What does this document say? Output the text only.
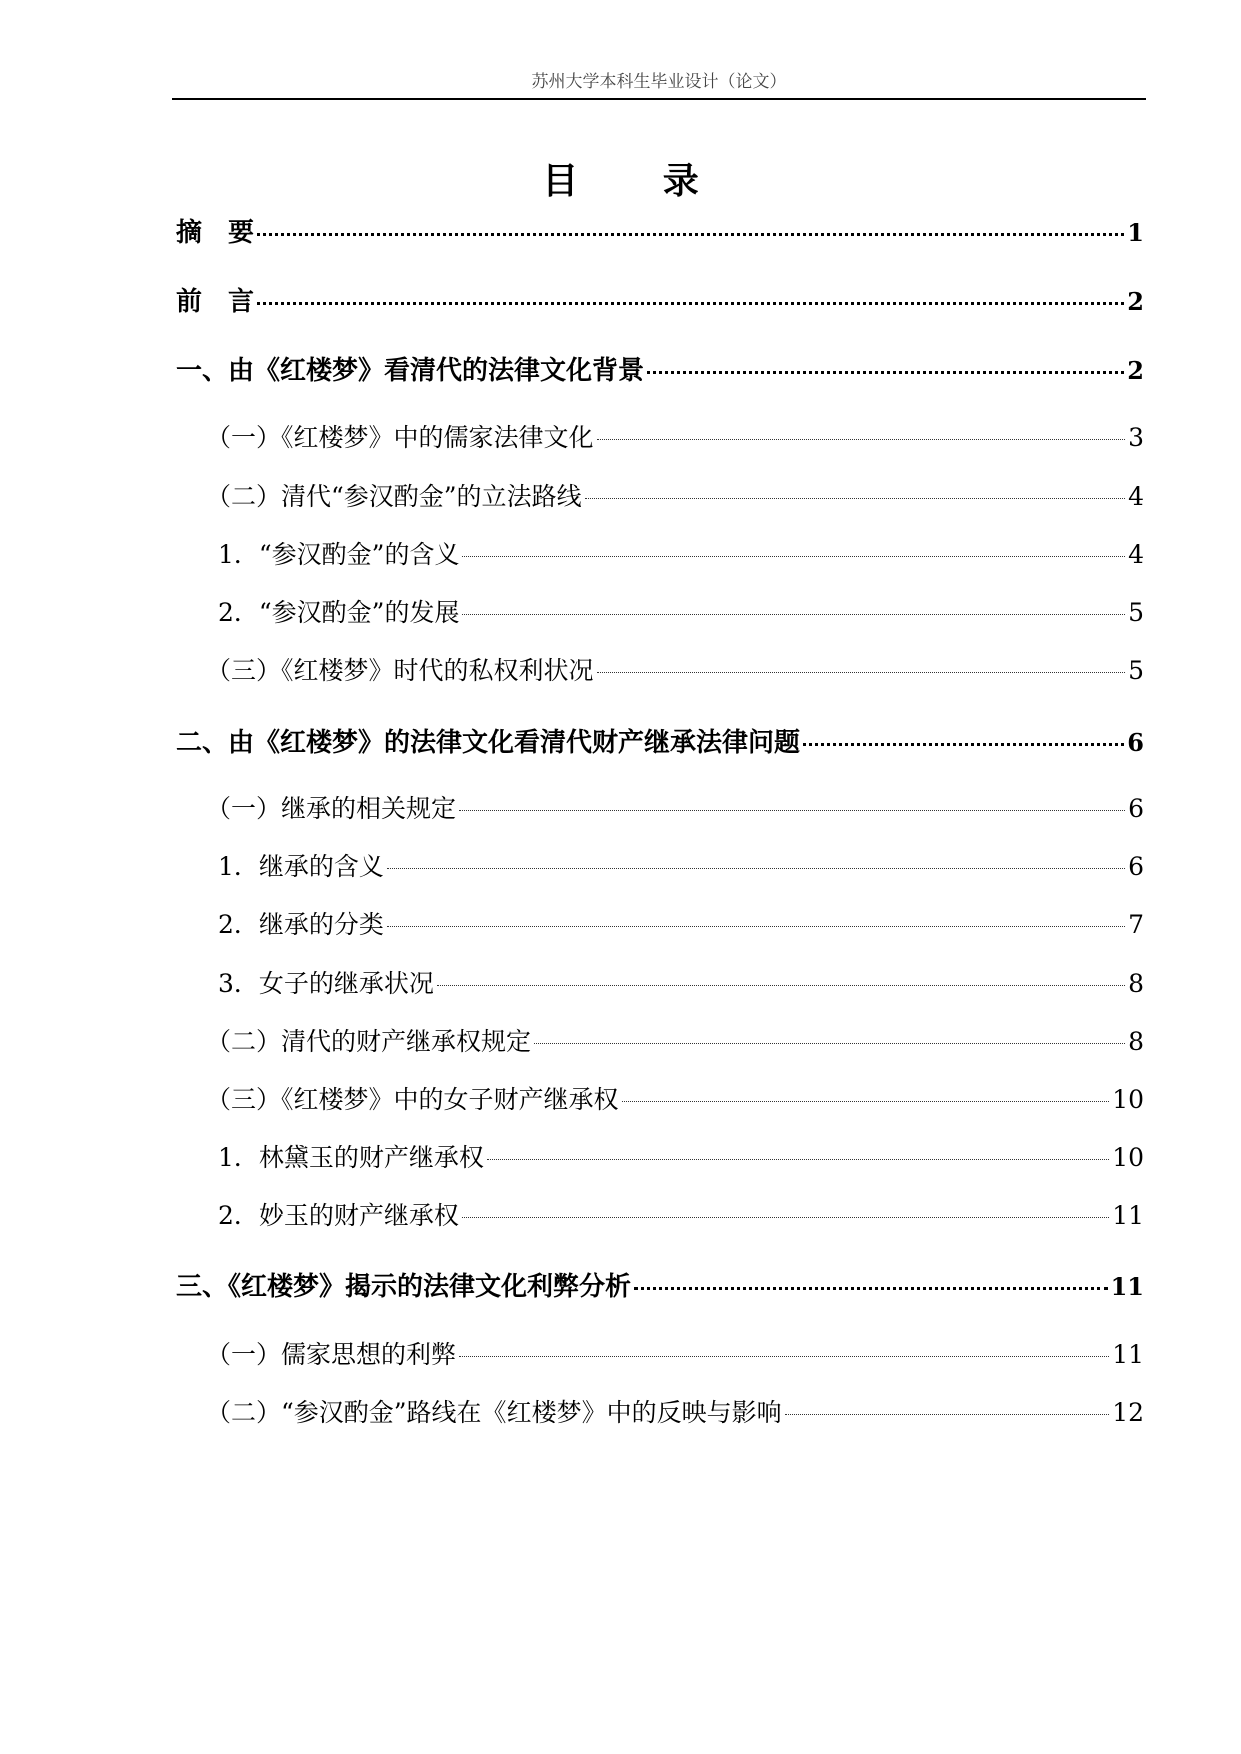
苏州大学本科生毕业设计（论文）
目 录
摘　要	1
前　言	2
一、由《红楼梦》看清代的法律文化背景	2
（一）《红楼梦》中的儒家法律文化	3
（二）清代“参汉酌金”的立法路线	4
1．“参汉酌金”的含义	4
2．“参汉酌金”的发展	5
（三）《红楼梦》时代的私权利状况	5
二、由《红楼梦》的法律文化看清代财产继承法律问题	6
（一）继承的相关规定	6
1．继承的含义	6
2．继承的分类	7
3．女子的继承状况	8
（二）清代的财产继承权规定	8
（三）《红楼梦》中的女子财产继承权	10
1．林黛玉的财产继承权	10
2．妙玉的财产继承权	11
三、《红楼梦》揭示的法律文化利弊分析	11
（一）儒家思想的利弊	11
（二）“参汉酌金”路线在《红楼梦》中的反映与影响	12
